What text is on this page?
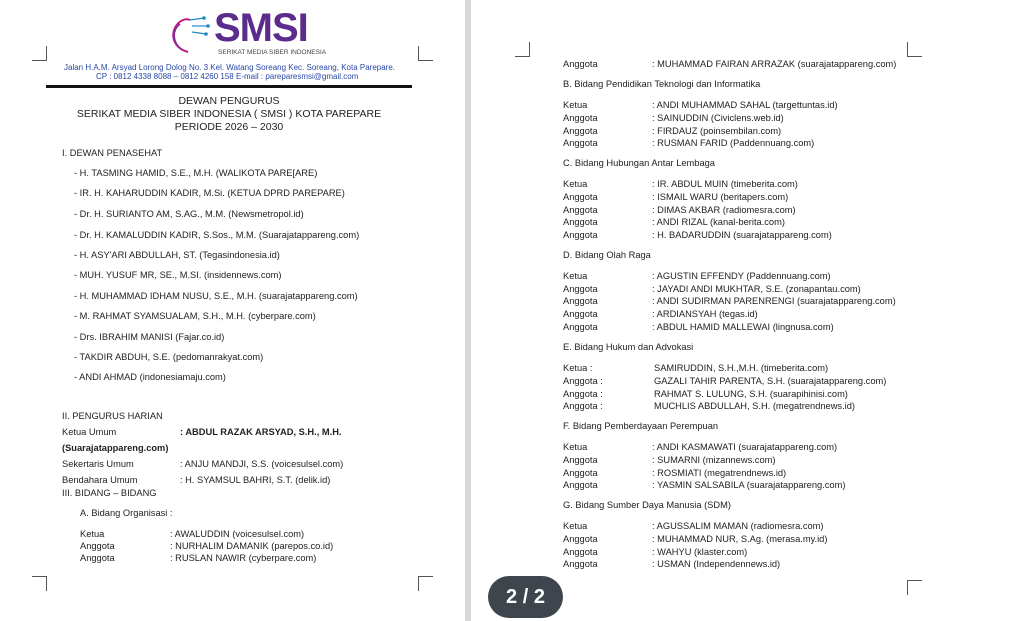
SMSI
SERIKAT MEDIA SIBER INDONESIA
Jalan H.A.M. Arsyad Lorong Dolog No. 3 Kel. Watang Soreang Kec. Soreang, Kota Parepare.
CP : 0812 4338 8088 – 0812 4260 158 E-mail : pareparesmsi@gmail.com
DEWAN PENGURUS
SERIKAT MEDIA SIBER INDONESIA ( SMSI ) KOTA PAREPARE
PERIODE 2026 – 2030
I. DEWAN PENASEHAT
- H. TASMING HAMID, S.E., M.H. (WALIKOTA PARE[ARE)
- IR. H. KAHARUDDIN KADIR, M.Si. (KETUA DPRD PAREPARE)
- Dr. H. SURIANTO AM, S.AG., M.M. (Newsmetropol.id)
- Dr. H. KAMALUDDIN KADIR, S.Sos., M.M. (Suarajatappareng.com)
- H. ASY'ARI ABDULLAH, ST. (Tegasindonesia.id)
- MUH. YUSUF MR, SE., M.SI. (insidennews.com)
- H. MUHAMMAD IDHAM NUSU, S.E., M.H. (suarajatappareng.com)
- M. RAHMAT SYAMSUALAM, S.H., M.H. (cyberpare.com)
- Drs. IBRAHIM MANISI (Fajar.co.id)
- TAKDIR ABDUH, S.E. (pedomanrakyat.com)
- ANDI AHMAD (indonesiamaju.com)
II. PENGURUS HARIAN
Ketua Umum	: ABDUL RAZAK ARSYAD, S.H., M.H.
(Suarajatappareng.com)
Sekertaris Umum	: ANJU MANDJI, S.S. (voicesulsel.com)
Bendahara Umum	: H. SYAMSUL BAHRI, S.T. (delik.id)
III. BIDANG – BIDANG
A. Bidang Organisasi :
Ketua	: AWALUDDIN (voicesulsel.com)
Anggota	: NURHALIM DAMANIK (parepos.co.id)
Anggota	: RUSLAN NAWIR (cyberpare.com)
Anggota	: MUHAMMAD FAIRAN ARRAZAK (suarajatappareng.com)
B. Bidang Pendidikan Teknologi dan Informatika
Ketua	: ANDI MUHAMMAD SAHAL (targettuntas.id)
Anggota	: SAINUDDIN (Civiclens.web.id)
Anggota	: FIRDAUZ (poinsembilan.com)
Anggota	: RUSMAN FARID (Paddennuang.com)
C. Bidang Hubungan Antar Lembaga
Ketua	: IR. ABDUL MUIN (timeberita.com)
Anggota	: ISMAIL WARU (beritapers.com)
Anggota	: DIMAS AKBAR (radiomesra.com)
Anggota	: ANDI RIZAL (kanal-berita.com)
Anggota	: H. BADARUDDIN (suarajatappareng.com)
D. Bidang Olah Raga
Ketua	: AGUSTIN EFFENDY (Paddennuang.com)
Anggota	: JAYADI ANDI MUKHTAR, S.E. (zonapantau.com)
Anggota	: ANDI SUDIRMAN PARENRENGI (suarajatappareng.com)
Anggota	: ARDIANSYAH (tegas.id)
Anggota	: ABDUL HAMID MALLEWAI (lingnusa.com)
E. Bidang Hukum dan Advokasi
Ketua :	SAMIRUDDIN, S.H.,M.H. (timeberita.com)
Anggota :	GAZALI TAHIR PARENTA, S.H. (suarajatappareng.com)
Anggota :	RAHMAT S. LULUNG, S.H. (suarapihinisi.com)
Anggota :	MUCHLIS ABDULLAH, S.H. (megatrendnews.id)
F. Bidang Pemberdayaan Perempuan
Ketua	: ANDI KASMAWATI (suarajatappareng.com)
Anggota	: SUMARNI (mizannews.com)
Anggota	: ROSMIATI (megatrendnews.id)
Anggota	: YASMIN SALSABILA (suarajatappareng.com)
G. Bidang Sumber Daya Manusia (SDM)
Ketua	: AGUSSALIM MAMAN (radiomesra.com)
Anggota	: MUHAMMAD NUR, S.Ag. (merasa.my.id)
Anggota	: WAHYU (klaster.com)
Anggota	: USMAN (Independennews.id)
2 / 2
